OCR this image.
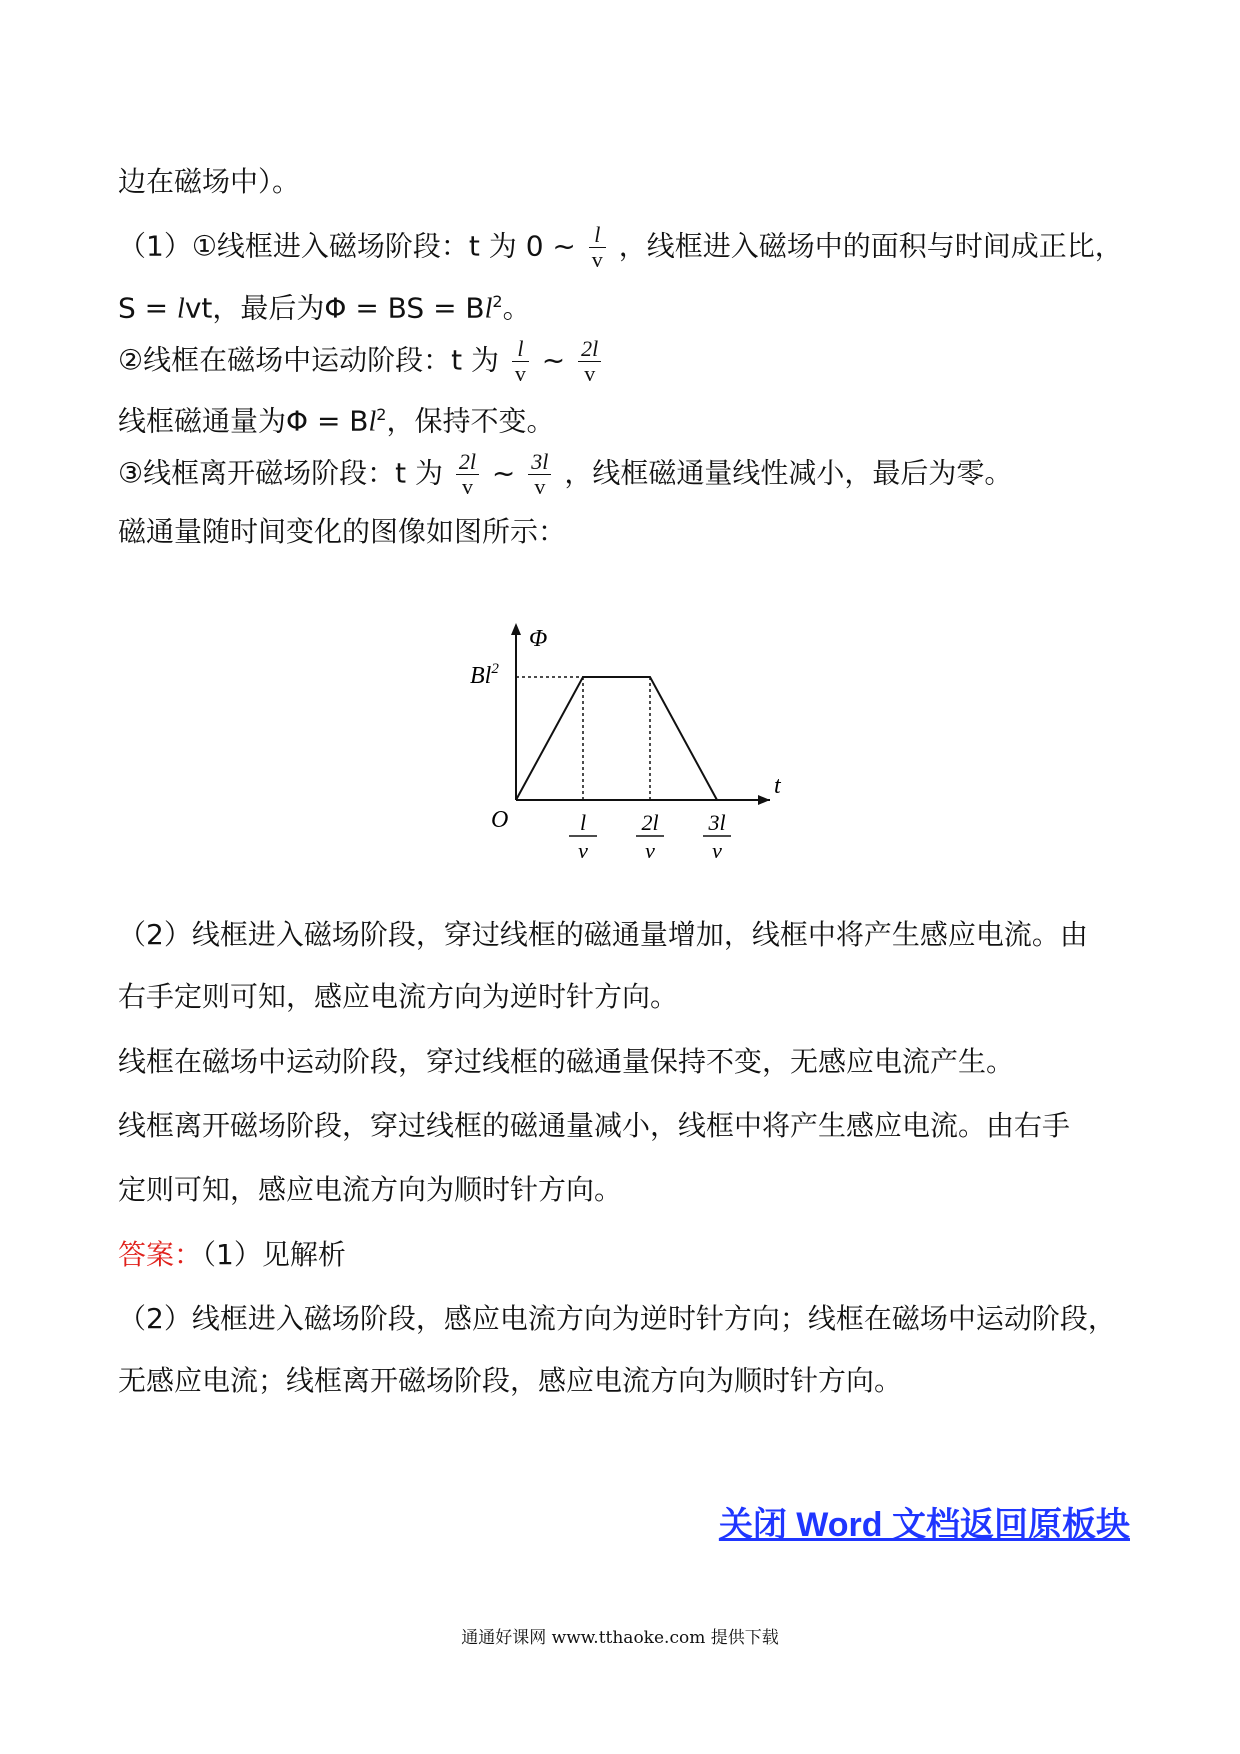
边在磁场中）。
（1）①线框进入磁场阶段：t 为 0 ~ $\frac{l}{v}$ ，线框进入磁场中的面积与时间成正比，
S = lvt，最后为Φ = BS = $Bl^2$。
②线框在磁场中运动阶段：t 为 $\frac{l}{v}$ ~ $\frac{2l}{v}$
线框磁通量为$\Phi = Bl^2$，保持不变。
③线框离开磁场阶段：t 为 $\frac{2l}{v}$ ~ $\frac{3l}{v}$ ，线框磁通量线性减小，最后为零。
磁通量随时间变化的图像如图所示：
Φ
t
O
Bl$^2$
l
v
2l
v
3l
v
（2）线框进入磁场阶段，穿过线框的磁通量增加，线框中将产生感应电流。由
右手定则可知，感应电流方向为逆时针方向。
线框在磁场中运动阶段，穿过线框的磁通量保持不变，无感应电流产生。
线框离开磁场阶段，穿过线框的磁通量减小，线框中将产生感应电流。由右手
定则可知，感应电流方向为顺时针方向。
答案：（1）见解析
（2）线框进入磁场阶段，感应电流方向为逆时针方向；线框在磁场中运动阶段，
无感应电流；线框离开磁场阶段，感应电流方向为顺时针方向。
关闭 Word 文档返回原板块
通通好课网 www.tthaoke.com 提供下载
